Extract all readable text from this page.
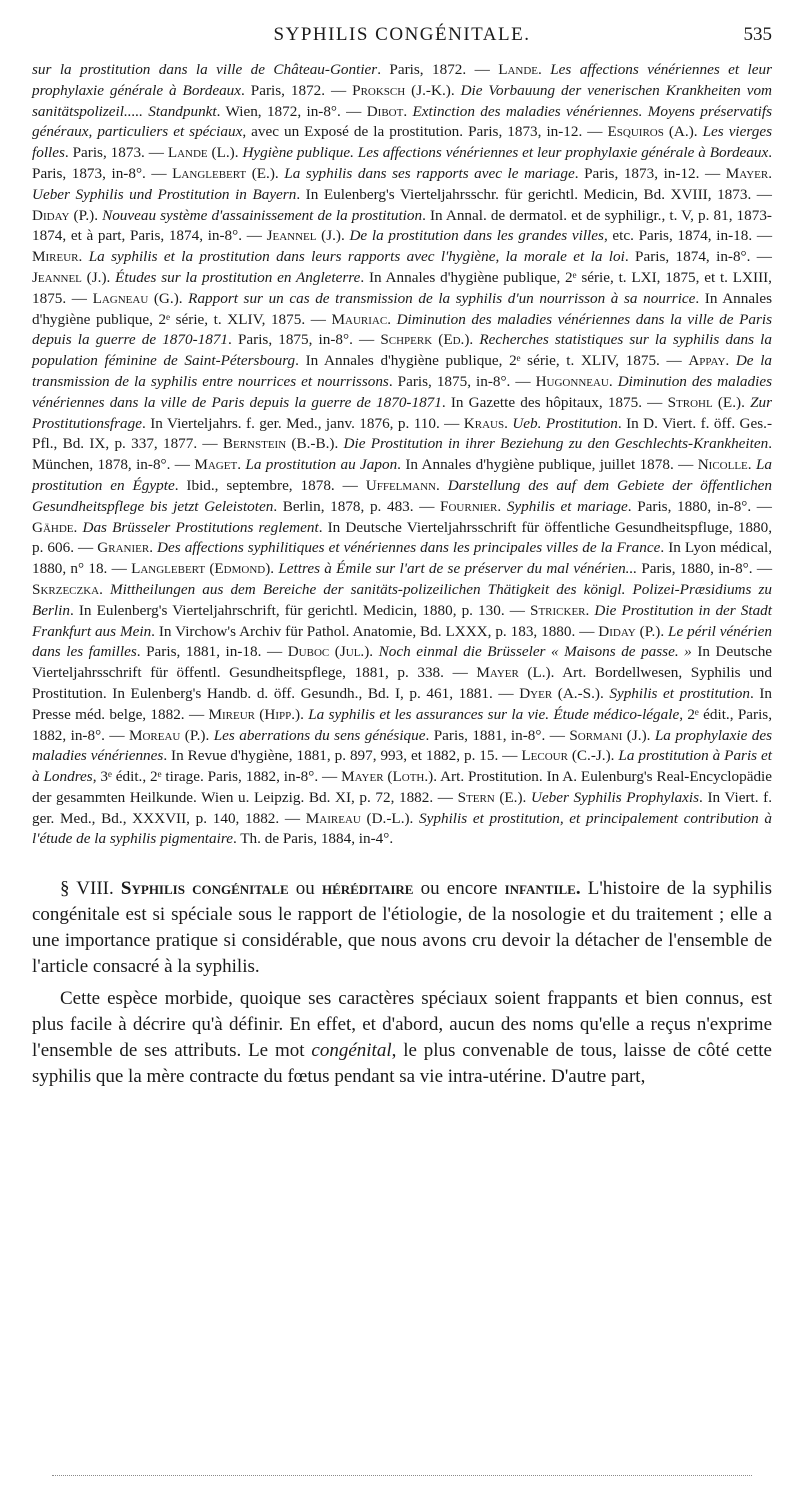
SYPHILIS CONGÉNITALE.	535
sur la prostitution dans la ville de Château-Gontier. Paris, 1872. — Lande. Les affections vénériennes et leur prophylaxie générale à Bordeaux. Paris, 1872. — Proksch (J.-K.). Die Vorbauung der venerischen Krankheiten vom sanitätspolizeil..... Standpunkt. Wien, 1872, in-8°. — Dibot. Extinction des maladies vénériennes. Moyens préservatifs généraux, particuliers et spéciaux, avec un Exposé de la prostitution. Paris, 1873, in-12. — Esquiros (A.). Les vierges folles. Paris, 1873. — Lande (L.). Hygiène publique. Les affections vénériennes et leur prophylaxie générale à Bordeaux. Paris, 1873, in-8°. — Langlebert (E.). La syphilis dans ses rapports avec le mariage. Paris, 1873, in-12. — Mayer. Ueber Syphilis und Prostitution in Bayern. In Eulenberg's Vierteljahrsschr. für gerichtl. Medicin, Bd. XVIII, 1873. — Diday (P.). Nouveau système d'assainissement de la prostitution. In Annal. de dermatol. et de syphiligr., t. V, p. 81, 1873-1874, et à part, Paris, 1874, in-8°. — Jeannel (J.). De la prostitution dans les grandes villes, etc. Paris, 1874, in-18. — Mireur. La syphilis et la prostitution dans leurs rapports avec l'hygiène, la morale et la loi. Paris, 1874, in-8°. — Jeannel (J.). Études sur la prostitution en Angleterre. In Annales d'hygiène publique, 2ᵉ série, t. LXI, 1875, et t. LXIII, 1875. — Lagneau (G.). Rapport sur un cas de transmission de la syphilis d'un nourrisson à sa nourrice. In Annales d'hygiène publique, 2ᵉ série, t. XLIV, 1875. — Mauriac. Diminution des maladies vénériennes dans la ville de Paris depuis la guerre de 1870-1871. Paris, 1875, in-8°. — Schperk (Ed.). Recherches statistiques sur la syphilis dans la population féminine de Saint-Pétersbourg. In Annales d'hygiène publique, 2ᵉ série, t. XLIV, 1875. — Appay. De la transmission de la syphilis entre nourrices et nourrissons. Paris, 1875, in-8°. — Hugonneau. Diminution des maladies vénériennes dans la ville de Paris depuis la guerre de 1870-1871. In Gazette des hôpitaux, 1875. — Strohl (E.). Zur Prostitutionsfrage. In Vierteljahrs. f. ger. Med., janv. 1876, p. 110. — Kraus. Ueb. Prostitution. In D. Viert. f. öff. Ges.-Pfl., Bd. IX, p. 337, 1877. — Bernstein (B.-B.). Die Prostitution in ihrer Beziehung zu den Geschlechts-Krankheiten. München, 1878, in-8°. — Maget. La prostitution au Japon. In Annales d'hygiène publique, juillet 1878. — Nicolle. La prostitution en Égypte. Ibid., septembre, 1878. — Uffelmann. Darstellung des auf dem Gebiete der öffentlichen Gesundheitspflege bis jetzt Geleistoten. Berlin, 1878, p. 483. — Fournier. Syphilis et mariage. Paris, 1880, in-8°. — Gähde. Das Brüsseler Prostitutions reglement. In Deutsche Vierteljahrsschrift für öffentliche Gesundheitspfluge, 1880, p. 606. — Granier. Des affections syphilitiques et vénériennes dans les principales villes de la France. In Lyon médical, 1880, n° 18. — Langlebert (Edmond). Lettres à Émile sur l'art de se préserver du mal vénérien... Paris, 1880, in-8°. — Skrzeczka. Mittheilungen aus dem Bereiche der sanitäts-polizeilichen Thätigkeit des königl. Polizei-Præsidiums zu Berlin. In Eulenberg's Vierteljahrschrift, für gerichtl. Medicin, 1880, p. 130. — Stricker. Die Prostitution in der Stadt Frankfurt aus Mein. In Virchow's Archiv für Pathol. Anatomie, Bd. LXXX, p. 183, 1880. — Diday (P.). Le péril vénérien dans les familles. Paris, 1881, in-18. — Duboc (Jul.). Noch einmal die Brüsseler « Maisons de passe. » In Deutsche Vierteljahrsschrift für öffentl. Gesundheitspflege, 1881, p. 338. — Mayer (L.). Art. Bordellwesen, Syphilis und Prostitution. In Eulenberg's Handb. d. öff. Gesundh., Bd. I, p. 461, 1881. — Dyer (A.-S.). Syphilis et prostitution. In Presse méd. belge, 1882. — Mireur (Hipp.). La syphilis et les assurances sur la vie. Étude médico-légale, 2ᵉ édit., Paris, 1882, in-8°. — Moreau (P.). Les aberrations du sens génésique. Paris, 1881, in-8°. — Sormani (J.). La prophylaxie des maladies vénériennes. In Revue d'hygiène, 1881, p. 897, 993, et 1882, p. 15. — Lecour (C.-J.). La prostitution à Paris et à Londres, 3ᵉ édit., 2ᵉ tirage. Paris, 1882, in-8°. — Mayer (Loth.). Art. Prostitution. In A. Eulenburg's Real-Encyclopädie der gesammten Heilkunde. Wien u. Leipzig. Bd. XI, p. 72, 1882. — Stern (E.). Ueber Syphilis Prophylaxis. In Viert. f. ger. Med., Bd., XXXVII, p. 140, 1882. — Maireau (D.-L.). Syphilis et prostitution, et principalement contribution à l'étude de la syphilis pigmentaire. Th. de Paris, 1884, in-4°.

§ VIII. Syphilis congénitale ou héréditaire ou encore infantile. L'histoire de la syphilis congénitale est si spéciale sous le rapport de l'étiologie, de la nosologie et du traitement ; elle a une importance pratique si considérable, que nous avons cru devoir la détacher de l'ensemble de l'article consacré à la syphilis.

Cette espèce morbide, quoique ses caractères spéciaux soient frappants et bien connus, est plus facile à décrire qu'à définir. En effet, et d'abord, aucun des noms qu'elle a reçus n'exprime l'ensemble de ses attributs. Le mot congénital, le plus convenable de tous, laisse de côté cette syphilis que la mère contracte du fœtus pendant sa vie intra-utérine. D'autre part,
